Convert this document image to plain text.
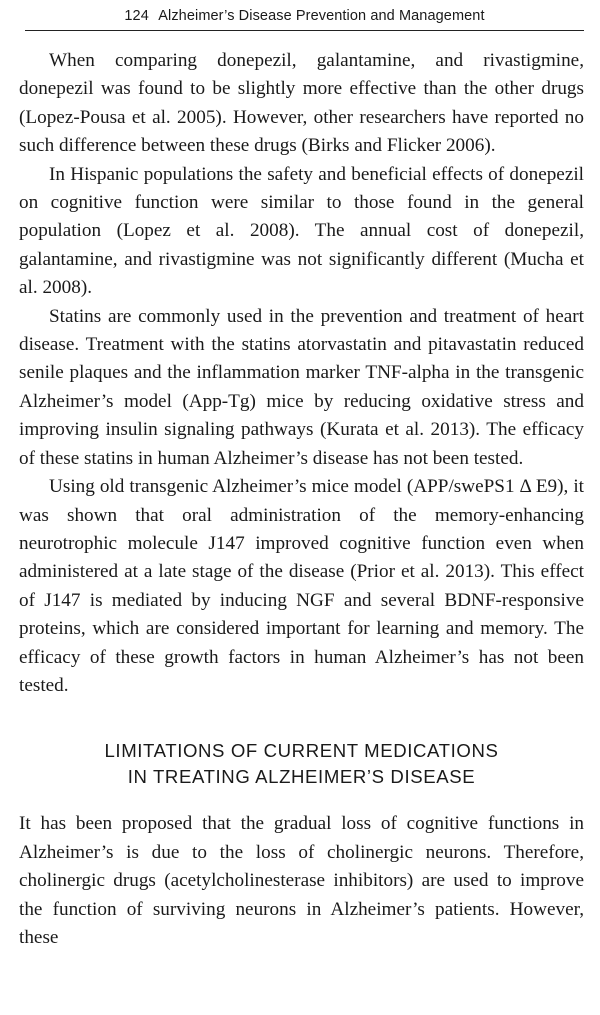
124 Alzheimer’s Disease Prevention and Management

When comparing donepezil, galantamine, and rivastigmine, donepezil was found to be slightly more effective than the other drugs (Lopez-Pousa et al. 2005). However, other researchers have reported no such difference between these drugs (Birks and Flicker 2006).

In Hispanic populations the safety and beneficial effects of donepezil on cognitive function were similar to those found in the general population (Lopez et al. 2008). The annual cost of donepezil, galantamine, and rivastigmine was not significantly different (Mucha et al. 2008).

Statins are commonly used in the prevention and treatment of heart disease. Treatment with the statins atorvastatin and pitavastatin reduced senile plaques and the inflammation marker TNF-alpha in the transgenic Alzheimer’s model (App-Tg) mice by reducing oxidative stress and improving insulin signaling pathways (Kurata et al. 2013). The efficacy of these statins in human Alzheimer’s disease has not been tested.

Using old transgenic Alzheimer’s mice model (APP/swePS1 Δ E9), it was shown that oral administration of the memory-enhancing neurotrophic molecule J147 improved cognitive function even when administered at a late stage of the disease (Prior et al. 2013). This effect of J147 is mediated by inducing NGF and several BDNF-responsive proteins, which are considered important for learning and memory. The efficacy of these growth factors in human Alzheimer’s has not been tested.

LIMITATIONS OF CURRENT MEDICATIONS
IN TREATING ALZHEIMER’S DISEASE

It has been proposed that the gradual loss of cognitive functions in Alzheimer’s is due to the loss of cholinergic neurons. Therefore, cholinergic drugs (acetylcholinesterase inhibitors) are used to improve the function of surviving neurons in Alzheimer’s patients. However, these
